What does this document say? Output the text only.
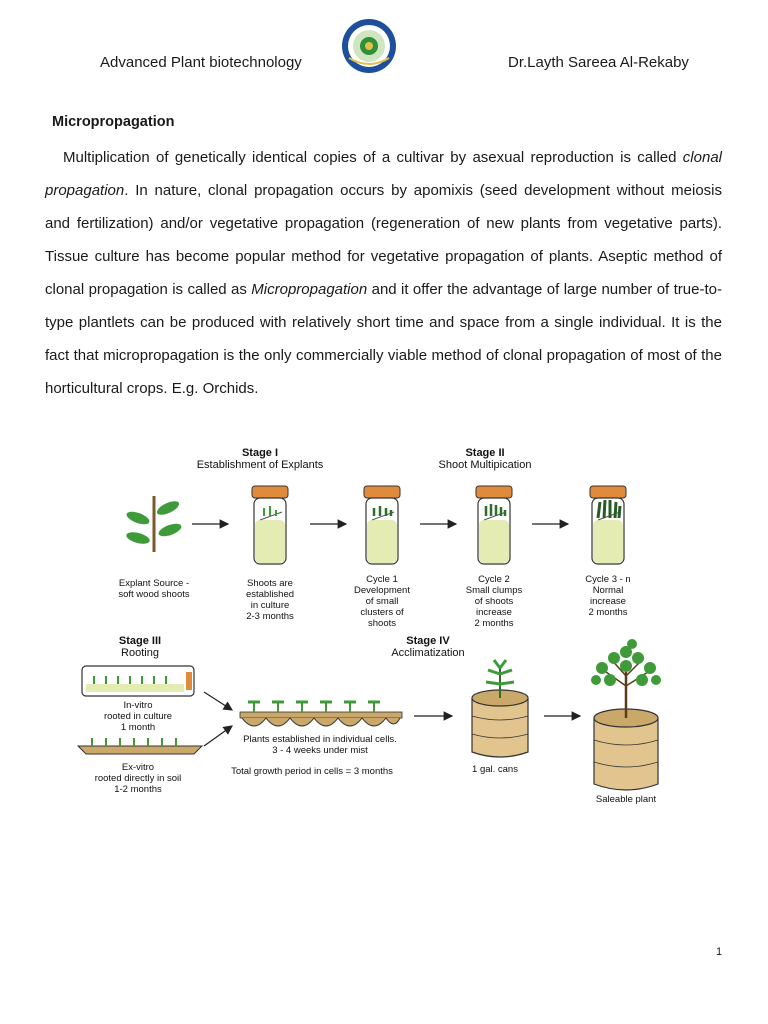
Advanced Plant biotechnology	Dr.Layth Sareea Al-Rekaby
Micropropagation
Multiplication of genetically identical copies of a cultivar by asexual reproduction is called clonal propagation. In nature, clonal propagation occurs by apomixis (seed development without meiosis and fertilization) and/or vegetative propagation (regeneration of new plants from vegetative parts). Tissue culture has become popular method for vegetative propagation of plants. Aseptic method of clonal propagation is called as Micropropagation and it offer the advantage of large number of true-to-type plantlets can be produced with relatively short time and space from a single individual. It is the fact that micropropagation is the only commercially viable method of clonal propagation of most of the horticultural crops. E.g. Orchids.
Stage I
Establishment of Explants
Stage II
Shoot Multipication
Explant Source -
soft wood shoots
Shoots are
established
in culture
2-3 months
Cycle 1
Development
of small
clusters of
shoots
Cycle 2
Small clumps
of shoots
increase
2 months
Cycle 3 - n
Normal
increase
2 months
Stage III
Rooting
Stage IV
Acclimatization
In-vitro
rooted in culture
1 month
Ex-vitro
rooted directly in soil
1-2 months
Plants established in individual cells.
3 - 4 weeks under mist
Total growth period in cells = 3 months	1 gal. cans
Saleable plant
1
